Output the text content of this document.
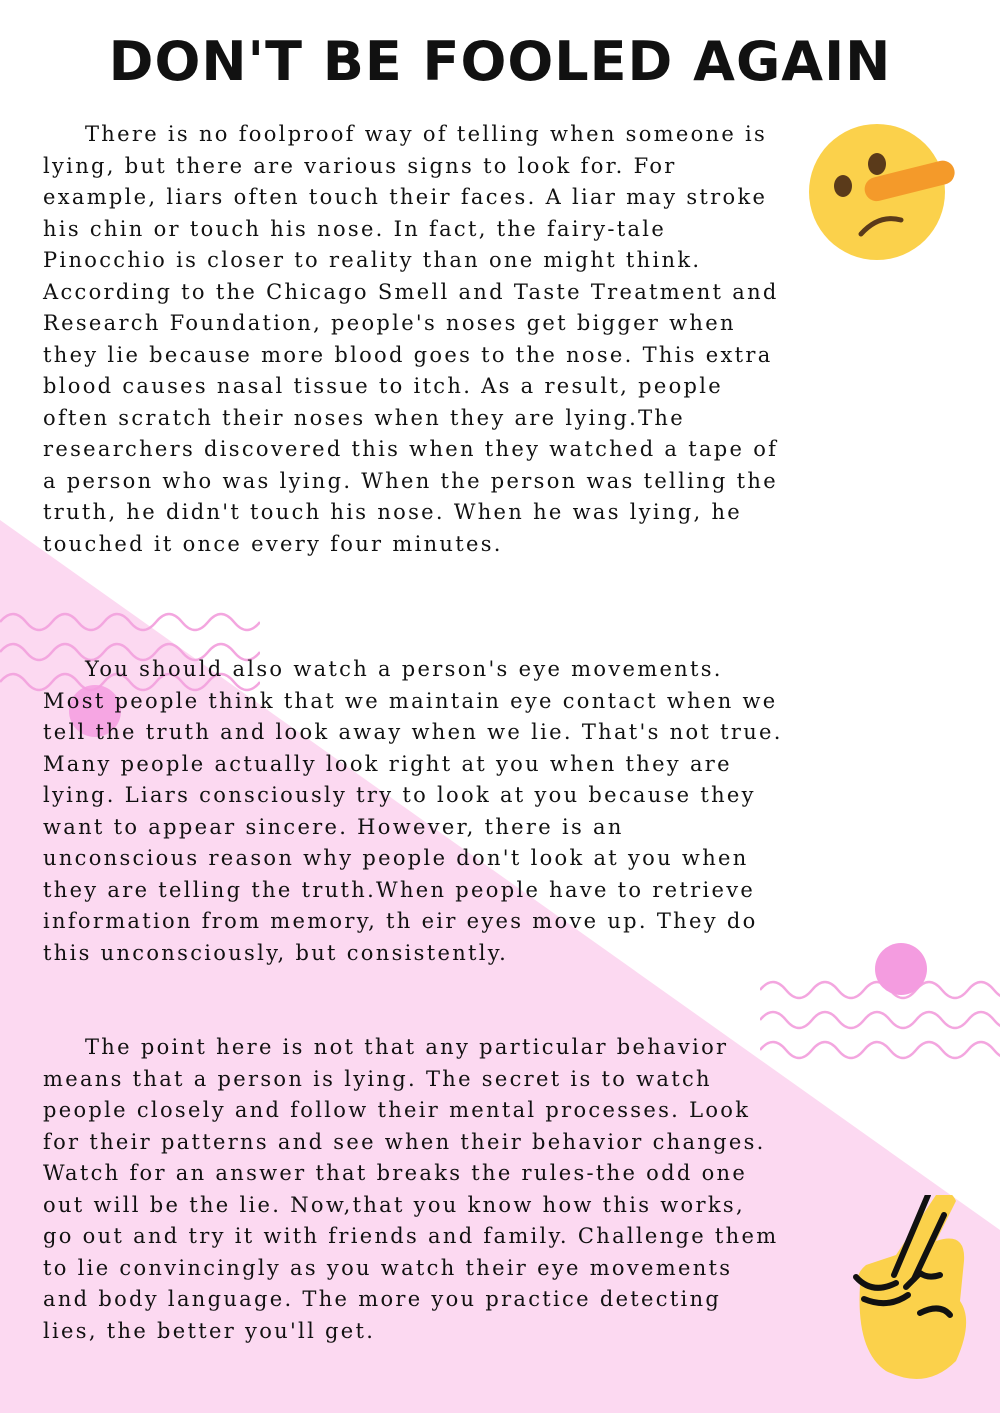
DON'T BE FOOLED AGAIN

There is no foolproof way of telling when someone is lying, but there are various signs to look for. For example, liars often touch their faces. A liar may stroke his chin or touch his nose. In fact, the fairy-tale Pinocchio is closer to reality than one might think. According to the Chicago Smell and Taste Treatment and Research Foundation, people's noses get bigger when they lie because more blood goes to the nose. This extra blood causes nasal tissue to itch. As a result, people often scratch their noses when they are lying.The researchers discovered this when they watched a tape of a person who was lying. When the person was telling the truth, he didn't touch his nose. When he was lying, he touched it once every four minutes.

You should also watch a person's eye movements. Most people think that we maintain eye contact when we tell the truth and look away when we lie. That's not true. Many people actually look right at you when they are lying. Liars consciously try to look at you because they want to appear sincere. However, there is an unconscious reason why people don't look at you when they are telling the truth.When people have to retrieve information from memory, th eir eyes move up. They do this unconsciously, but consistently.

The point here is not that any particular behavior means that a person is lying. The secret is to watch people closely and follow their mental processes. Look for their patterns and see when their behavior changes. Watch for an answer that breaks the rules-the odd one out will be the lie. Now,that you know how this works, go out and try it with friends and family. Challenge them to lie convincingly as you watch their eye movements and body language. The more you practice detecting lies, the better you'll get.
